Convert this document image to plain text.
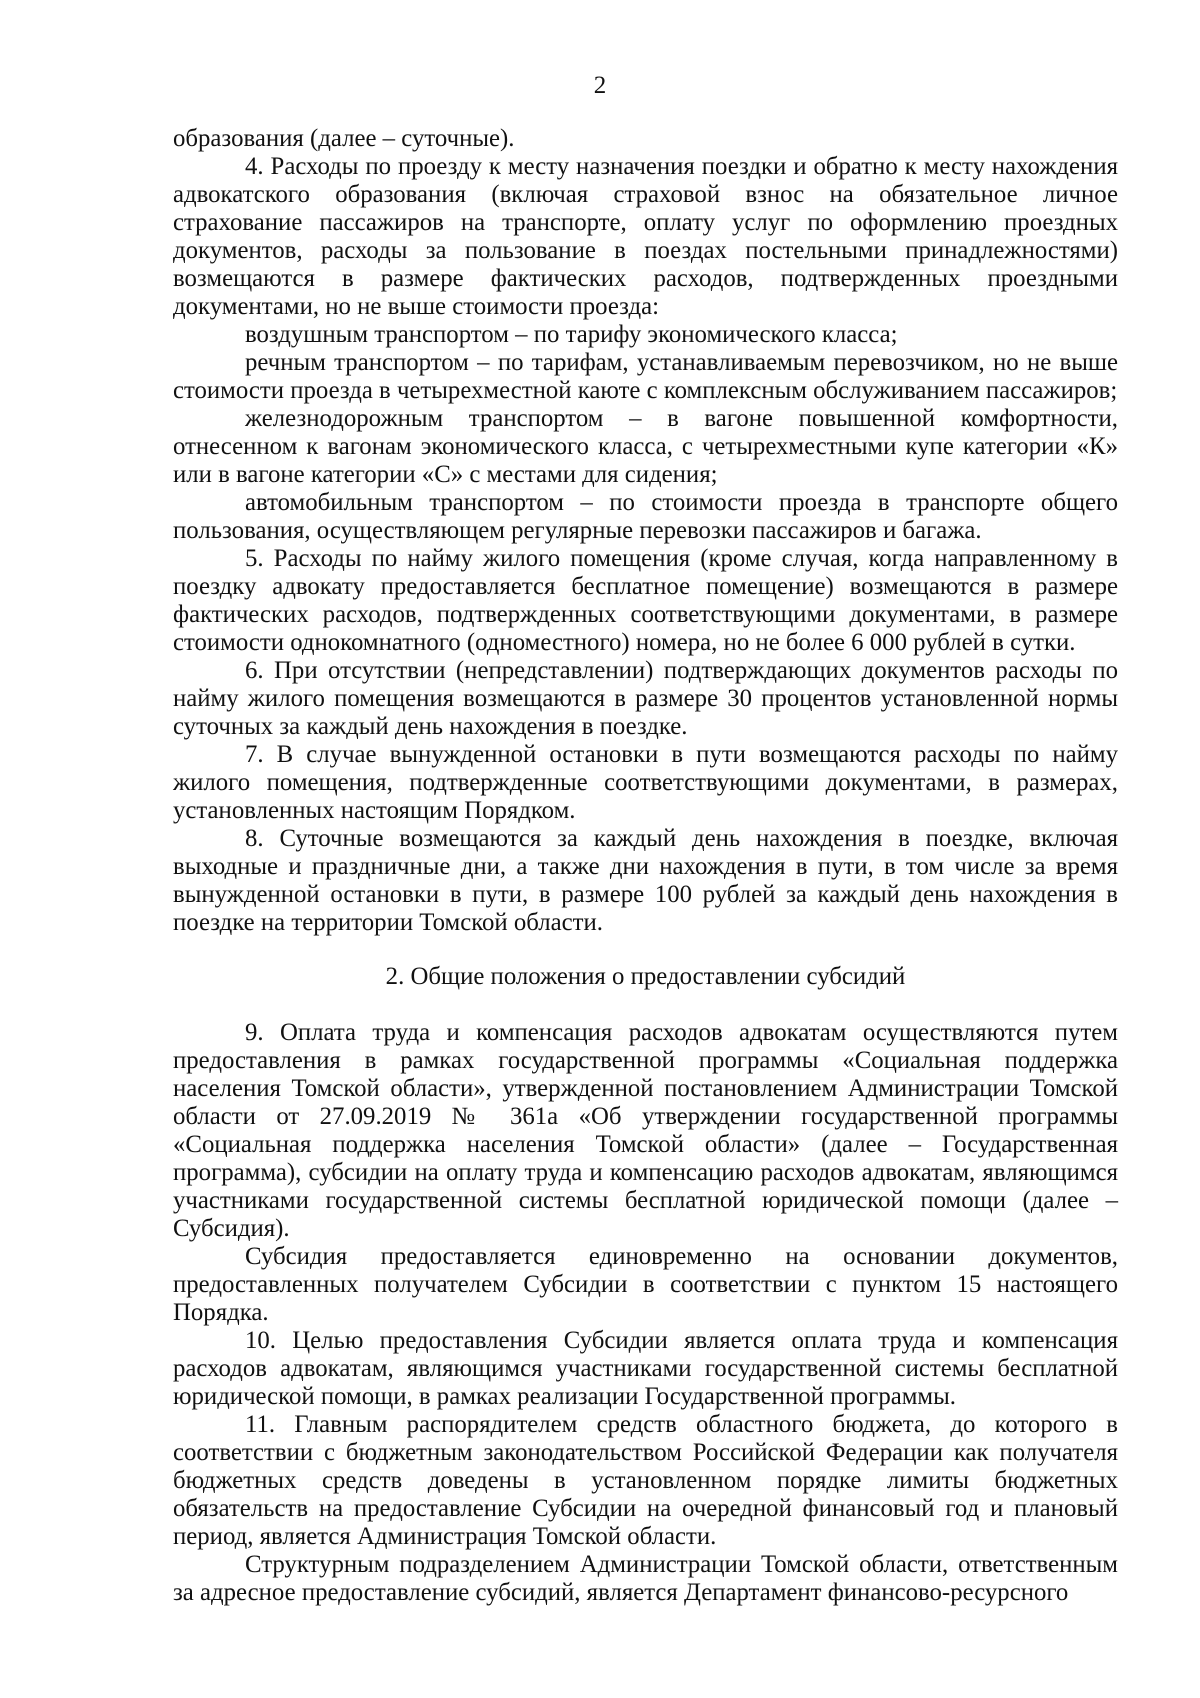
2

образования (далее – суточные).

4. Расходы по проезду к месту назначения поездки и обратно к месту нахождения адвокатского образования (включая страховой взнос на обязательное личное страхование пассажиров на транспорте, оплату услуг по оформлению проездных документов, расходы за пользование в поездах постельными принадлежностями) возмещаются в размере фактических расходов, подтвержденных проездными документами, но не выше стоимости проезда:

воздушным транспортом – по тарифу экономического класса;

речным транспортом – по тарифам, устанавливаемым перевозчиком, но не выше стоимости проезда в четырехместной каюте с комплексным обслуживанием пассажиров;

железнодорожным транспортом – в вагоне повышенной комфортности, отнесенном к вагонам экономического класса, с четырехместными купе категории «К» или в вагоне категории «С» с местами для сидения;

автомобильным транспортом – по стоимости проезда в транспорте общего пользования, осуществляющем регулярные перевозки пассажиров и багажа.

5. Расходы по найму жилого помещения (кроме случая, когда направленному в поездку адвокату предоставляется бесплатное помещение) возмещаются в размере фактических расходов, подтвержденных соответствующими документами, в размере стоимости однокомнатного (одноместного) номера, но не более 6 000 рублей в сутки.

6. При отсутствии (непредставлении) подтверждающих документов расходы по найму жилого помещения возмещаются в размере 30 процентов установленной нормы суточных за каждый день нахождения в поездке.

7. В случае вынужденной остановки в пути возмещаются расходы по найму жилого помещения, подтвержденные соответствующими документами, в размерах, установленных настоящим Порядком.

8. Суточные возмещаются за каждый день нахождения в поездке, включая выходные и праздничные дни, а также дни нахождения в пути, в том числе за время вынужденной остановки в пути, в размере 100 рублей за каждый день нахождения в поездке на территории Томской области.

2. Общие положения о предоставлении субсидий

9. Оплата труда и компенсация расходов адвокатам осуществляются путем предоставления в рамках государственной программы «Социальная поддержка населения Томской области», утвержденной постановлением Администрации Томской области от 27.09.2019 № 361а «Об утверждении государственной программы «Социальная поддержка населения Томской области» (далее – Государственная программа), субсидии на оплату труда и компенсацию расходов адвокатам, являющимся участниками государственной системы бесплатной юридической помощи (далее – Субсидия).

Субсидия предоставляется единовременно на основании документов, предоставленных получателем Субсидии в соответствии с пунктом 15 настоящего Порядка.

10. Целью предоставления Субсидии является оплата труда и компенсация расходов адвокатам, являющимся участниками государственной системы бесплатной юридической помощи, в рамках реализации Государственной программы.

11. Главным распорядителем средств областного бюджета, до которого в соответствии с бюджетным законодательством Российской Федерации как получателя бюджетных средств доведены в установленном порядке лимиты бюджетных обязательств на предоставление Субсидии на очередной финансовый год и плановый период, является Администрация Томской области.

Структурным подразделением Администрации Томской области, ответственным за адресное предоставление субсидий, является Департамент финансово-ресурсного
